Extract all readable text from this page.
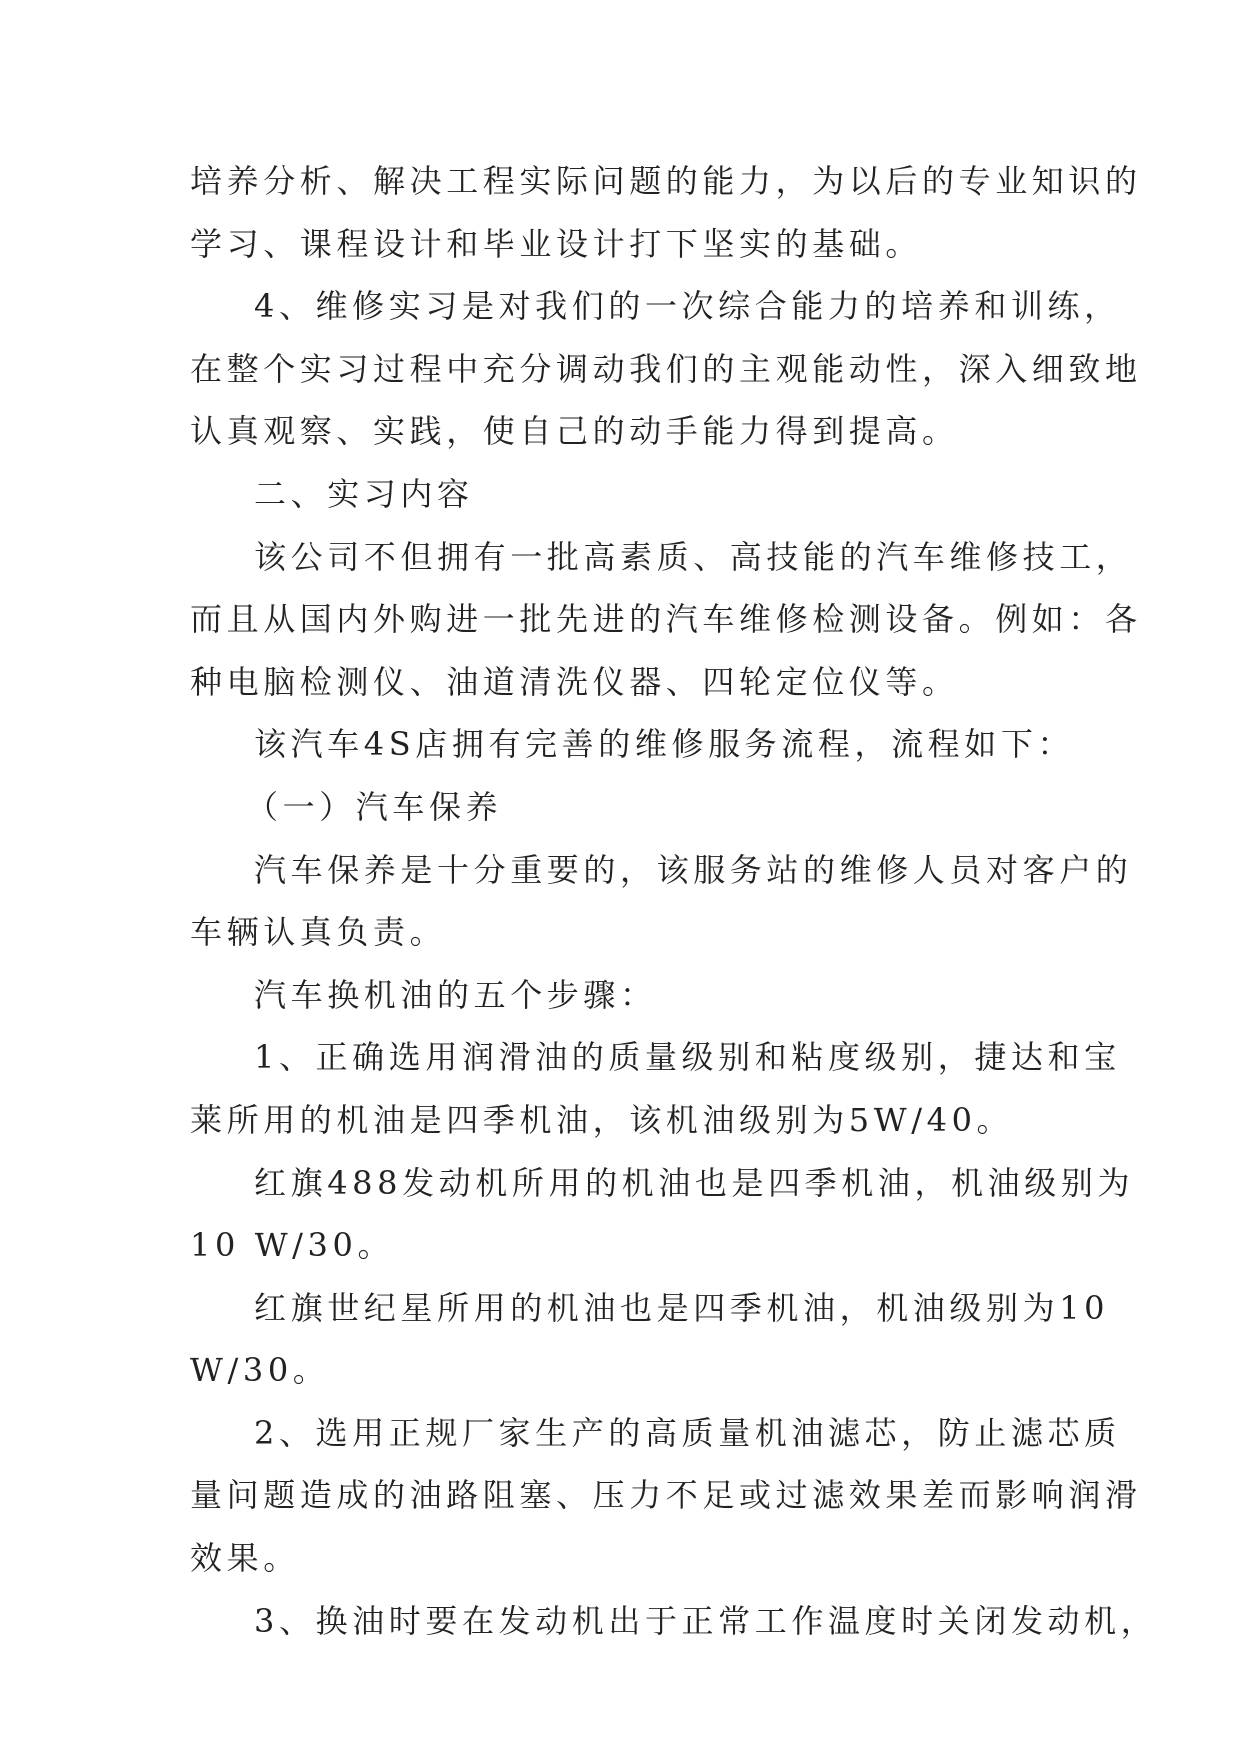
培养分析、解决工程实际问题的能力，为以后的专业知识的

学习、课程设计和毕业设计打下坚实的基础。

4、维修实习是对我们的一次综合能力的培养和训练，

在整个实习过程中充分调动我们的主观能动性，深入细致地

认真观察、实践，使自己的动手能力得到提高。

二、实习内容

该公司不但拥有一批高素质、高技能的汽车维修技工，

而且从国内外购进一批先进的汽车维修检测设备。例如：各

种电脑检测仪、油道清洗仪器、四轮定位仪等。

该汽车4S店拥有完善的维修服务流程，流程如下：

（一）汽车保养

汽车保养是十分重要的，该服务站的维修人员对客户的

车辆认真负责。

汽车换机油的五个步骤：

1、正确选用润滑油的质量级别和粘度级别，捷达和宝

莱所用的机油是四季机油，该机油级别为5W/40。

红旗488发动机所用的机油也是四季机油，机油级别为

10 W/30。

红旗世纪星所用的机油也是四季机油，机油级别为10

W/30。

2、选用正规厂家生产的高质量机油滤芯，防止滤芯质

量问题造成的油路阻塞、压力不足或过滤效果差而影响润滑

效果。

3、换油时要在发动机出于正常工作温度时关闭发动机，
